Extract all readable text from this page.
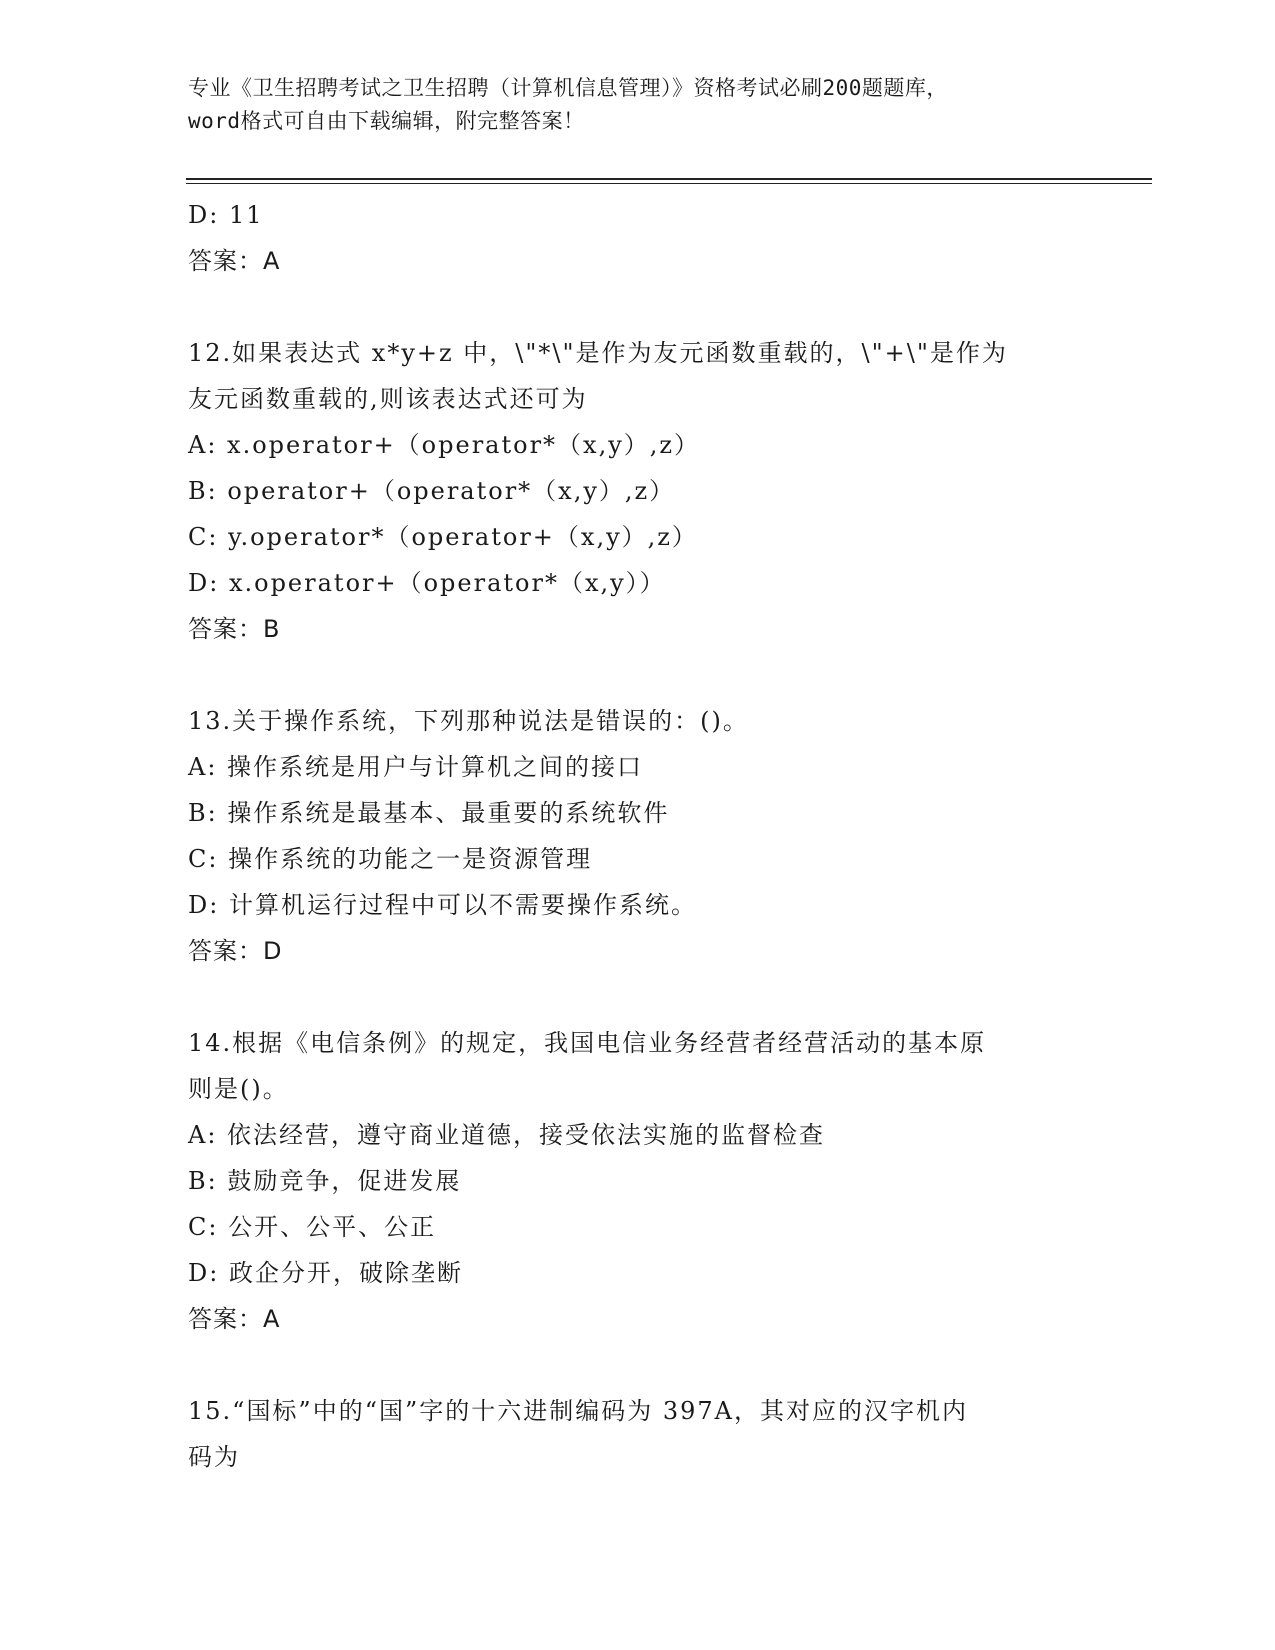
专业《卫生招聘考试之卫生招聘（计算机信息管理）》资格考试必刷200题题库，
word格式可自由下载编辑，附完整答案！
D: 11
答案：A
12.如果表达式 x*y+z 中，\"*\"是作为友元函数重载的，\"+\"是作为
友元函数重载的,则该表达式还可为
A: x.operator+（operator*（x,y）,z）
B: operator+（operator*（x,y）,z）
C: y.operator*（operator+（x,y）,z）
D: x.operator+（operator*（x,y））
答案：B
13.关于操作系统，下列那种说法是错误的：()。
A: 操作系统是用户与计算机之间的接口
B: 操作系统是最基本、最重要的系统软件
C: 操作系统的功能之一是资源管理
D: 计算机运行过程中可以不需要操作系统。
答案：D
14.根据《电信条例》的规定，我国电信业务经营者经营活动的基本原
则是()。
A: 依法经营，遵守商业道德，接受依法实施的监督检查
B: 鼓励竞争，促进发展
C: 公开、公平、公正
D: 政企分开，破除垄断
答案：A
15.“国标”中的“国”字的十六进制编码为 397A，其对应的汉字机内
码为
